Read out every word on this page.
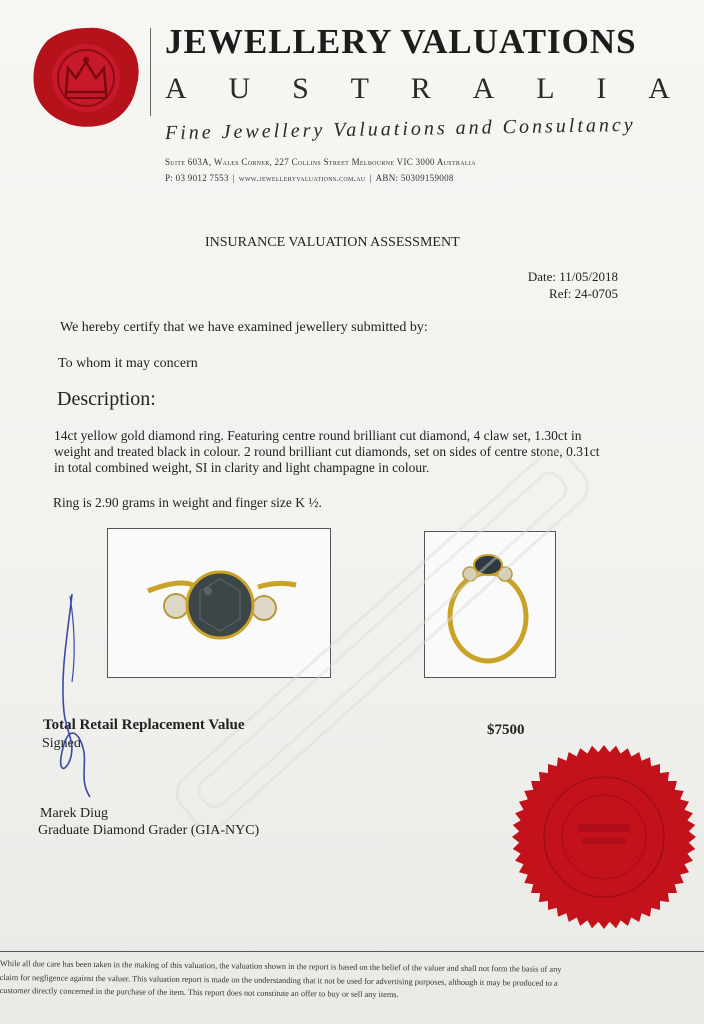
JEWELLERY VALUATIONS
A U S T R A L I A
Fine Jewellery Valuations and Consultancy
Suite 603A, Wales Corner, 227 Collins Street Melbourne VIC 3000 Australia
P: 03 9012 7553 | www.jewelleryvaluations.com.au | ABN: 50309159008
INSURANCE VALUATION ASSESSMENT
Date: 11/05/2018
Ref: 24-0705
We hereby certify that we have examined jewellery submitted by:
To whom it may concern
Description:
14ct yellow gold diamond ring. Featuring centre round brilliant cut diamond, 4 claw set, 1.30ct in
weight and treated black in colour. 2 round brilliant cut diamonds, set on sides of centre stone, 0.31ct
in total combined weight, SI in clarity and light champagne in colour.
Ring is 2.90 grams in weight and finger size K ½.
Total Retail Replacement Value	$7500
Signed
Marek Diug
Graduate Diamond Grader (GIA-NYC)
While all due care has been taken in the making of this valuation, the valuation shown in the report is based on the belief of the valuer and shall not form the basis of any
claim for negligence against the valuer. This valuation report is made on the understanding that it not be used for advertising purposes, although it may be produced to a
customer directly concerned in the purchase of the item. This report does not constitute an offer to buy or sell any items.
